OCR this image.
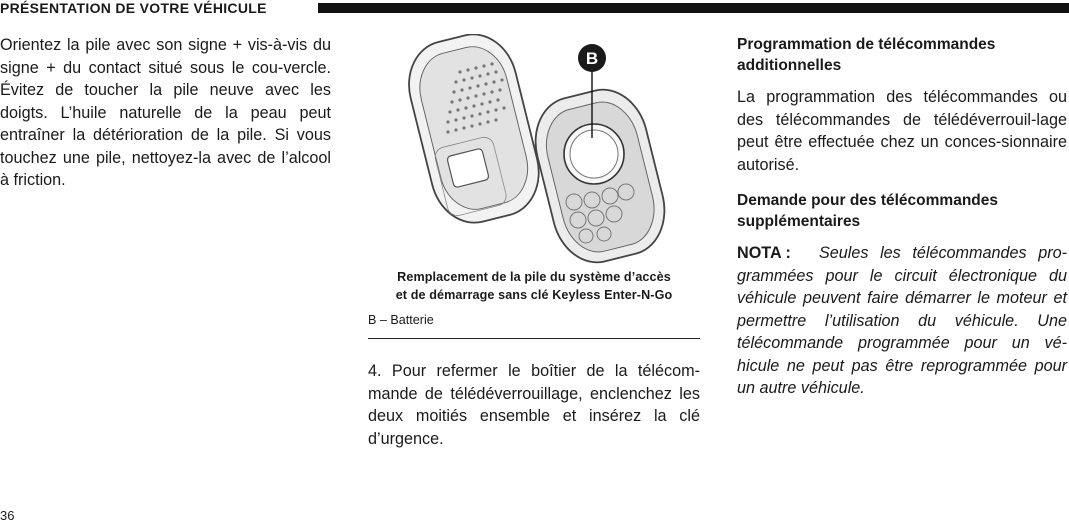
PRÉSENTATION DE VOTRE VÉHICULE

Orientez la pile avec son signe + vis-à-vis du signe + du contact situé sous le cou-vercle. Évitez de toucher la pile neuve avec les doigts. L’huile naturelle de la peau peut entraîner la détérioration de la pile. Si vous touchez une pile, nettoyez-la avec de l’alcool à friction.

B

Remplacement de la pile du système d’accès
et de démarrage sans clé Keyless Enter-N-Go

B – Batterie

4. Pour refermer le boîtier de la télécom-mande de télédéverrouillage, enclenchez les deux moitiés ensemble et insérez la clé d’urgence.

Programmation de télécommandes additionnelles

La programmation des télécommandes ou des télécommandes de télédéverrouil-lage peut être effectuée chez un conces-sionnaire autorisé.

Demande pour des télécommandes supplémentaires

NOTA : Seules les télécommandes pro-grammées pour le circuit électronique du véhicule peuvent faire démarrer le moteur et permettre l’utilisation du véhicule. Une télécommande programmée pour un vé-hicule ne peut pas être reprogrammée pour un autre véhicule.

36
